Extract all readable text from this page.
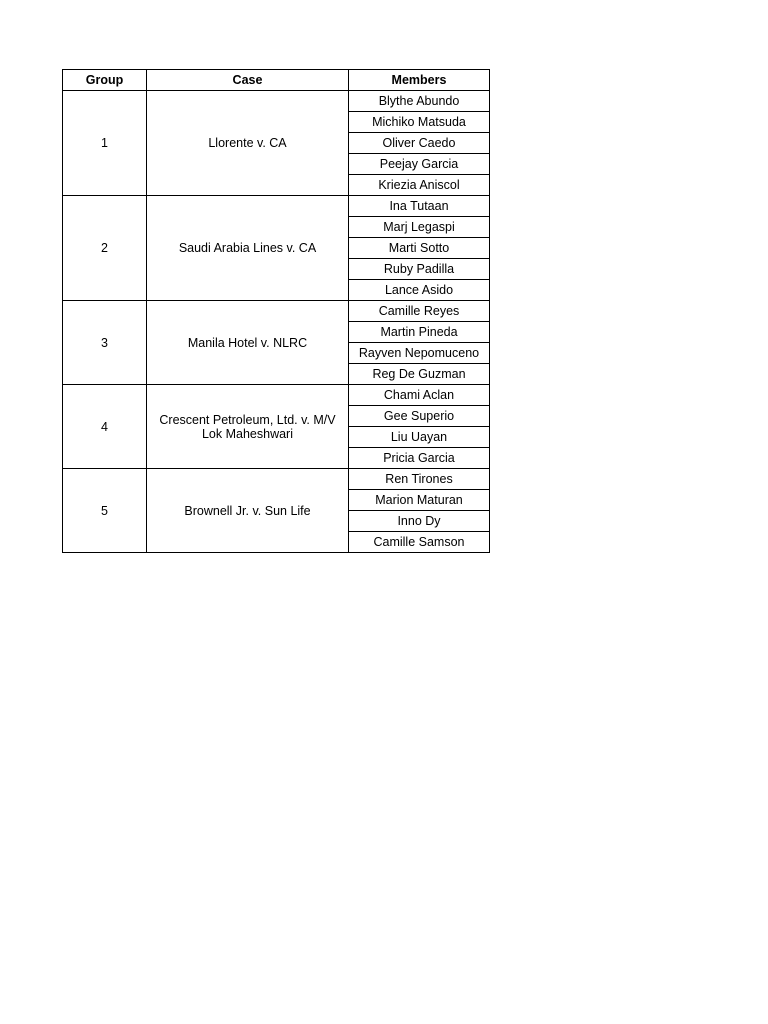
Group	Case	Members
1	Llorente v. CA	Blythe Abundo
		Michiko Matsuda
		Oliver Caedo
		Peejay Garcia
		Kriezia Aniscol
2	Saudi Arabia Lines v. CA	Ina Tutaan
		Marj Legaspi
		Marti Sotto
		Ruby Padilla
		Lance Asido
3	Manila Hotel v. NLRC	Camille Reyes
		Martin Pineda
		Rayven Nepomuceno
		Reg De Guzman
4	Crescent Petroleum, Ltd. v. M/V Lok Maheshwari	Chami Aclan
		Gee Superio
		Liu Uayan
		Pricia Garcia
5	Brownell Jr. v. Sun Life	Ren Tirones
		Marion Maturan
		Inno Dy
		Camille Samson
